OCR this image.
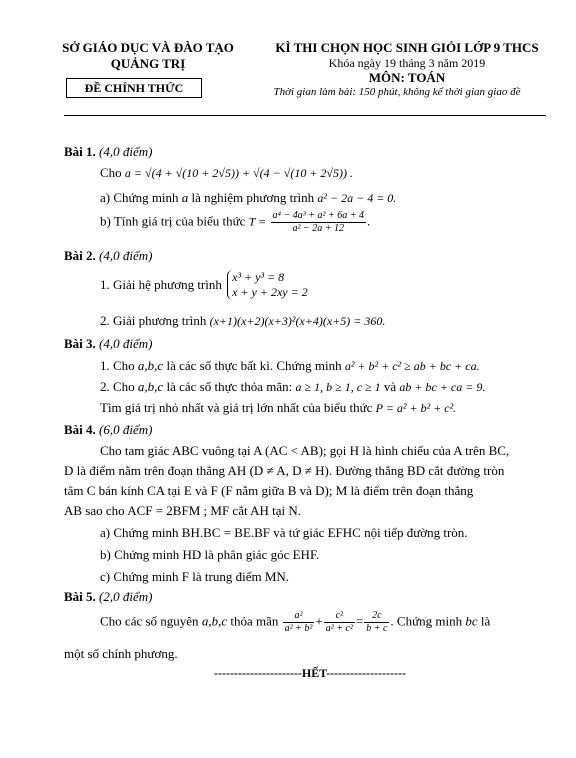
SỞ GIÁO DỤC VÀ ĐÀO TẠO
QUẢNG TRỊ
ĐỀ CHÍNH THỨC
KÌ THI CHỌN HỌC SINH GIỎI LỚP 9 THCS
Khóa ngày 19 tháng 3 năm 2019
MÔN: TOÁN
Thời gian làm bài: 150 phút, không kể thời gian giao đề
Bài 1. (4,0 điểm)
Cho a = √(4 + √(10 + 2√5)) + √(4 − √(10 + 2√5)) .
a) Chứng minh a là nghiệm phương trình a² − 2a − 4 = 0.
b) Tính giá trị của biểu thức $T = \frac{\text{a⁴ − 4a³ + a² + 6a + 4}}{\text{a² − 2a + 12}}$ .
Bài 2. (4,0 điểm)
1. Giải hệ phương trình x³ + y³ = 8
x + y + 2xy = 2
2. Giải phương trình (x+1)(x+2)(x+3)²(x+4)(x+5) = 360.
Bài 3. (4,0 điểm)
1. Cho a,b,c là các số thực bất kì. Chứng minh a² + b² + c² ≥ ab + bc + ca.
2. Cho a,b,c là các số thực thỏa mãn: a ≥ 1, b ≥ 1, c ≥ 1 và ab + bc + ca = 9.
Tìm giá trị nhỏ nhất và giá trị lớn nhất của biểu thức P = a² + b² + c².
Bài 4. (6,0 điểm)
Cho tam giác ABC vuông tại A (AC < AB); gọi H là hình chiếu của A trên BC,
D là điểm nằm trên đoạn thẳng AH (D ≠ A, D ≠ H). Đường thẳng BD cắt đường tròn
tâm C bán kính CA tại E và F (F nằm giữa B và D); M là điểm trên đoạn thẳng
AB sao cho ACF = 2BFM ; MF cắt AH tại N.
a) Chứng minh BH.BC = BE.BF và tứ giác EFHC nội tiếp đường tròn.
b) Chứng minh HD là phân giác góc EHF.
c) Chứng minh F là trung điểm MN.
Bài 5. (2,0 điểm)
Cho các số nguyên a,b,c thỏa mãn $\frac{\text{a²}}{\text{a² + b²}} + \frac{\text{c²}}{\text{a² + c²}} = \frac{2c}{b + c}$ . Chứng minh bc là
một số chính phương.
----------------------HẾT--------------------
